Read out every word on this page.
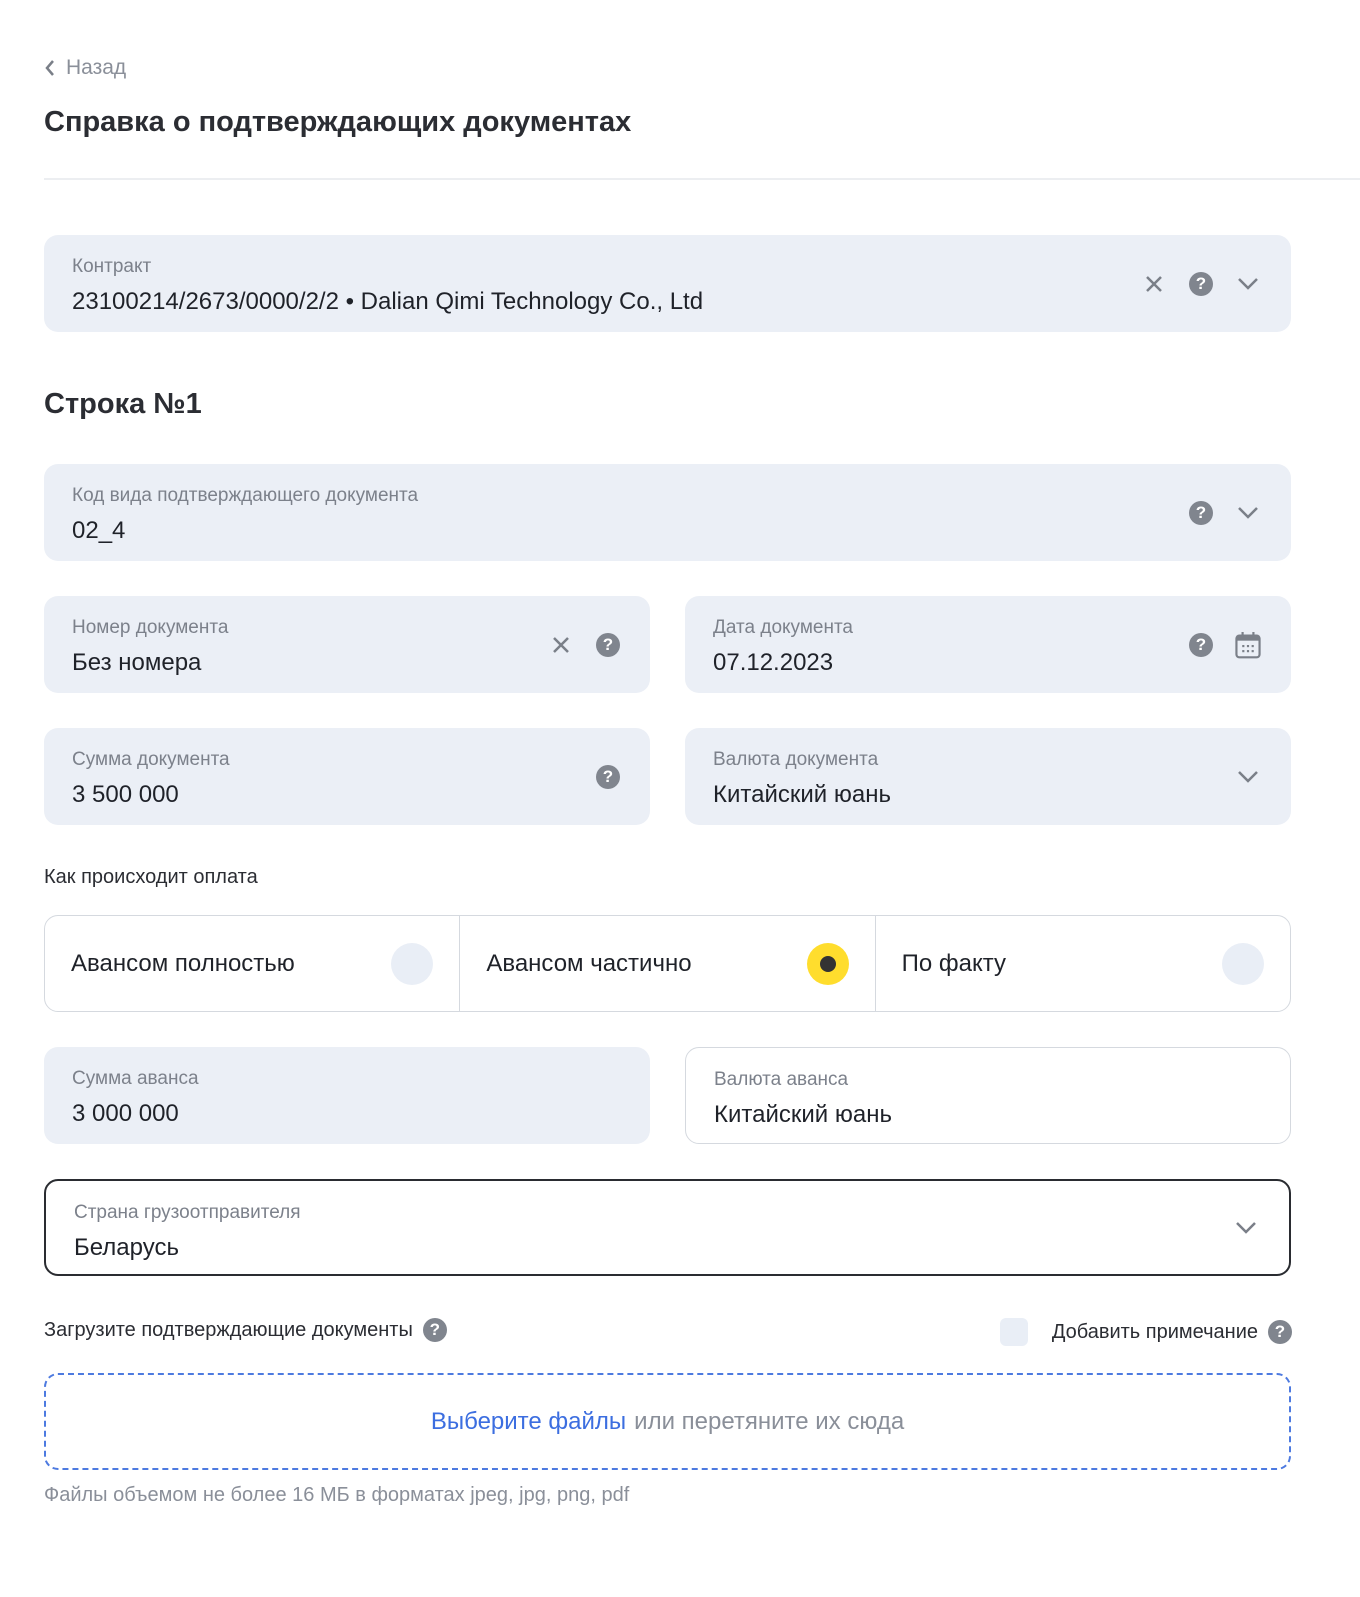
Назад
Справка о подтверждающих документах
Контракт
23100214/2673/0000/2/2 • Dalian Qimi Technology Co., Ltd
?
Строка №1
Код вида подтверждающего документа
02_4
?
Номер документа
Без номера
?
Дата документа
07.12.2023
?
Сумма документа
3 500 000
?
Валюта документа
Китайский юань
Как происходит оплата
Авансом полностью	Авансом частично	По факту
Сумма аванса
3 000 000
Валюта аванса
Китайский юань
Страна грузоотправителя
Беларусь
Загрузите подтверждающие документы ?	Добавить примечание ?
Выберите файлы или перетяните их сюда
Файлы объемом не более 16 МБ в форматах jpeg, jpg, png, pdf
